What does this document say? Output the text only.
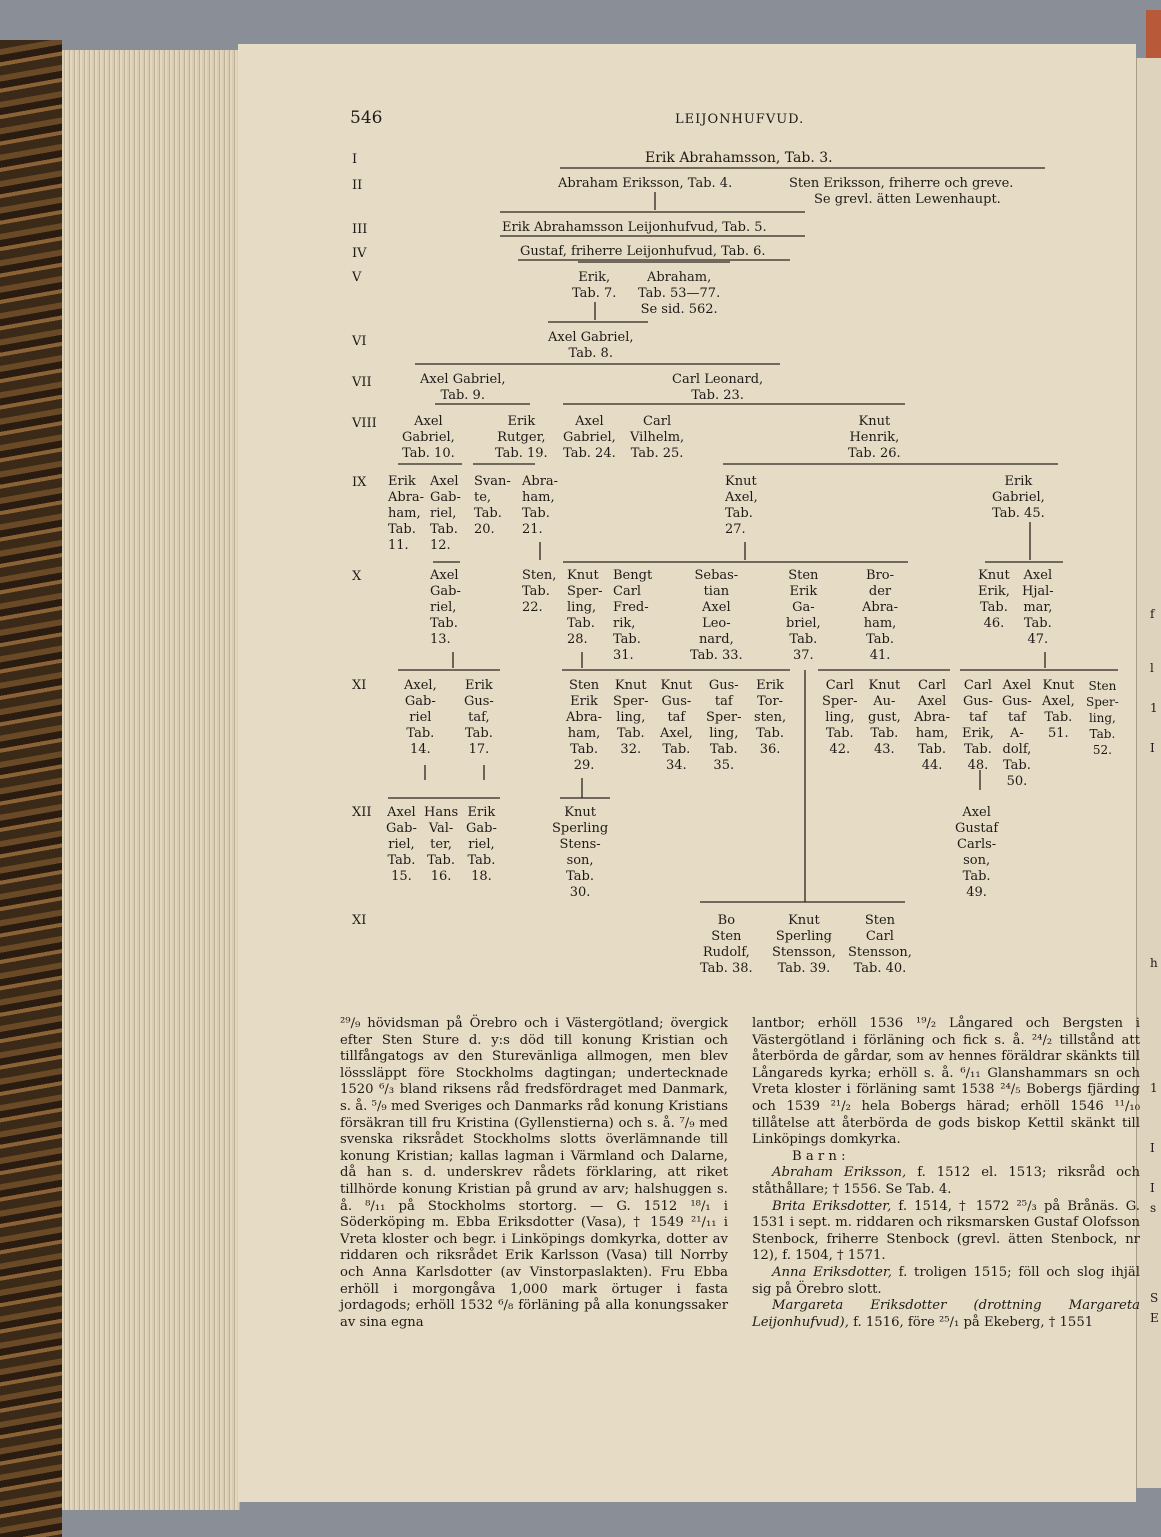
546	LEIJONHUFVUD.
I
II
III
IV
V
VI
VII
VIII
IX
X
XI
XII
XI
Erik Abrahamsson, Tab. 3.
Abraham Eriksson, Tab. 4.	Sten Eriksson, friherre och greve.
Se grevl. ätten Lewenhaupt.
Erik Abrahamsson Leijonhufvud, Tab. 5.
Gustaf, friherre Leijonhufvud, Tab. 6.
Erik,
Tab. 7.
Abraham,
Tab. 53—77.
Se sid. 562.
Axel Gabriel,
Tab. 8.
Axel Gabriel,
Tab. 9.
Carl Leonard,
Tab. 23.
Axel
Gabriel,
Tab. 10.
Erik
Rutger,
Tab. 19.
Axel
Gabriel,
Tab. 24.
Carl
Vilhelm,
Tab. 25.
Knut
Henrik,
Tab. 26.
Erik
Abra-
ham,
Tab.
11.
Axel
Gab-
riel,
Tab.
12.
Svan-
te,
Tab.
20.
Abra-
ham,
Tab.
21.
Knut
Axel,
Tab.
27.
Erik
Gabriel,
Tab. 45.
Axel
Gab-
riel,
Tab.
13.
Sten,
Tab.
22.
Knut
Sper-
ling,
Tab.
28.
Bengt
Carl
Fred-
rik,
Tab.
31.
Sebas-
tian
Axel
Leo-
nard,
Tab. 33.
Sten
Erik
Ga-
briel,
Tab.
37.
Bro-
der
Abra-
ham,
Tab.
41.
Knut
Erik,
Tab.
46.
Axel
Hjal-
mar,
Tab.
47.
Axel,
Gab-
riel
Tab.
14.
Erik
Gus-
taf,
Tab.
17.
Sten
Erik
Abra-
ham,
Tab.
29.
Knut
Sper-
ling,
Tab.
32.
Knut
Gus-
taf
Axel,
Tab.
34.
Gus-
taf
Sper-
ling,
Tab.
35.
Erik
Tor-
sten,
Tab.
36.
Carl
Sper-
ling,
Tab.
42.
Knut
Au-
gust,
Tab.
43.
Carl
Axel
Abra-
ham,
Tab.
44.
Carl
Gus-
taf
Erik,
Tab.
48.
Axel
Gus-
taf
A-
dolf,
Tab.
50.
Knut
Axel,
Tab.
51.
Sten
Sper-
ling,
Tab.
52.
Axel
Gab-
riel,
Tab.
15.
Hans
Val-
ter,
Tab.
16.
Erik
Gab-
riel,
Tab.
18.
Knut
Sperling
Stens-
son,
Tab.
30.
Axel
Gustaf
Carls-
son,
Tab.
49.
Bo
Sten
Rudolf,
Tab. 38.
Knut
Sperling
Stensson,
Tab. 39.
Sten
Carl
Stensson,
Tab. 40.

²⁹/₉ hövidsman på Örebro och i Västergötland; övergick efter Sten Sture d. y:s död till konung Kristian och tillfångatogs av den Sturevänliga allmogen, men blev lösssläppt före Stockholms dagtingan; undertecknade 1520 ⁶/₃ bland riksens råd fredsfördraget med Danmark, s. å. ⁵/₉ med Sveriges och Danmarks råd konung Kristians försäkran till fru Kristina (Gyllenstierna) och s. å. ⁷/₉ med svenska riksrådet Stockholms slotts överlämnande till konung Kristian; kallas lagman i Värmland och Dalarne, då han s. d. underskrev rådets förklaring, att riket tillhörde konung Kristian på grund av arv; halshuggen s. å. ⁸/₁₁ på Stockholms stortorg. — G. 1512 ¹⁸/₁ i Söderköping m. Ebba Eriksdotter (Vasa), † 1549 ²¹/₁₁ i Vreta kloster och begr. i Linköpings domkyrka, dotter av riddaren och riksrådet Erik Karlsson (Vasa) till Norrby och Anna Karlsdotter (av Vinstorpaslakten). Fru Ebba erhöll i morgongåva 1,000 mark örtuger i fasta jordagods; erhöll 1532 ⁶/₈ förläning på alla konungssaker av sina egna

lantbor; erhöll 1536 ¹⁹/₂ Långared och Bergsten i Västergötland i förläning och fick s. å. ²⁴/₂ tillstånd att återbörda de gårdar, som av hennes föräldrar skänkts till Långareds kyrka; erhöll s. å. ⁶/₁₁ Glanshammars sn och Vreta kloster i förläning samt 1538 ²⁴/₅ Bobergs fjärding och 1539 ²¹/₂ hela Bobergs härad; erhöll 1546 ¹¹/₁₀ tillåtelse att återbörda de gods biskop Kettil skänkt till Linköpings domkyrka.

B a r n :

Abraham Eriksson, f. 1512 el. 1513; riksråd och ståthållare; † 1556. Se Tab. 4.

Brita Eriksdotter, f. 1514, † 1572 ²⁵/₃ på Brånäs. G. 1531 i sept. m. riddaren och riksmarsken Gustaf Olofsson Stenbock, friherre Stenbock (grevl. ätten Stenbock, nr 12), f. 1504, † 1571.

Anna Eriksdotter, f. troligen 1515; föll och slog ihjäl sig på Örebro slott.

Margareta Eriksdotter (drottning Margareta Leijonhufvud), f. 1516, före ²⁵/₁ på Ekeberg, † 1551

f
l
1
I
h
1
I
I
s
S
E
